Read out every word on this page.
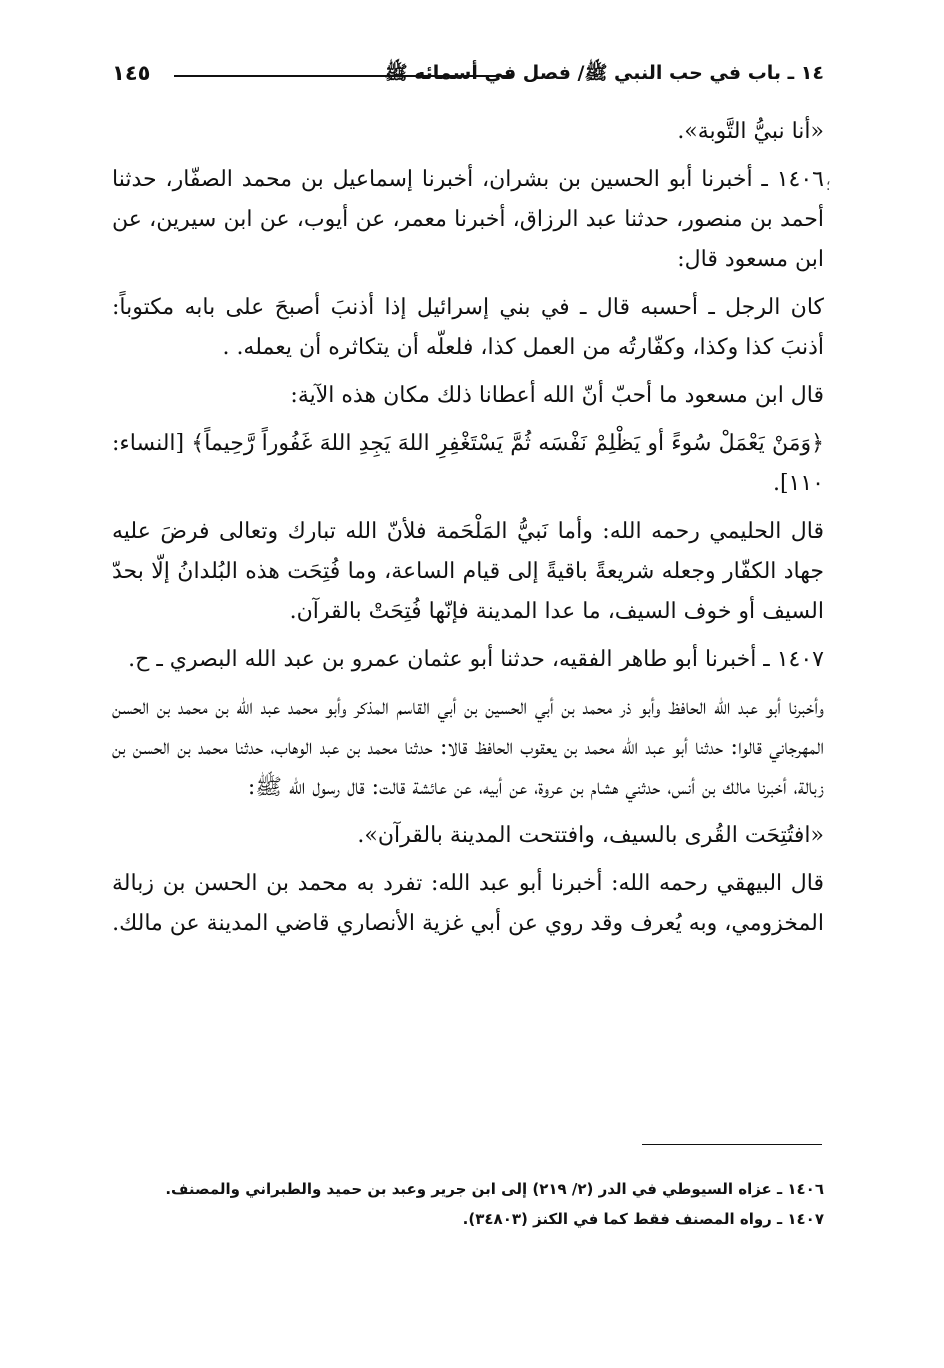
١٤ ـ باب في حب النبي ﷺ/ فصل في أسمائه ﷺ
١٤٥
؛

«أنا نبيُّ التَّوبة».

١٤٠٦ ـ أخبرنا أبو الحسين بن بشران، أخبرنا إسماعيل بن محمد الصفّار، حدثنا أحمد بن منصور، حدثنا عبد الرزاق، أخبرنا معمر، عن أيوب، عن ابن سيرين، عن ابن مسعود قال:

كان الرجل ـ أحسبه قال ـ في بني إسرائيل إذا أذنبَ أصبحَ على بابه مكتوباً: أذنبَ كذا وكذا، وكفّارتُه من العمل كذا، فلعلّه أن يتكاثره أن يعمله. .

قال ابن مسعود ما أحبّ أنّ الله أعطانا ذلك مكان هذه الآية:

﴿وَمَنْ يَعْمَلْ سُوءً أو يَظْلِمْ نَفْسَه ثُمَّ يَسْتَغْفِرِ اللهَ يَجِدِ اللهَ غَفُوراً رَّحِيماً﴾ [النساء: ١١٠].

قال الحليمي رحمه الله: وأما نَبيُّ المَلْحَمة فلأنّ الله تبارك وتعالى فرضَ عليه جهاد الكفّار وجعله شريعةً باقيةً إلى قيام الساعة، وما فُتِحَت هذه البُلدانُ إلّا بحدّ السيف أو خوف السيف، ما عدا المدينة فإنّها فُتِحَتْ بالقرآن.

١٤٠٧ ـ أخبرنا أبو طاهر الفقيه، حدثنا أبو عثمان عمرو بن عبد الله البصري ـ ح.

وأخبرنا أبو عبد الله الحافظ وأبو ذر محمد بن أبي الحسين بن أبي القاسم المذكر وأبو محمد عبد الله بن محمد بن الحسن المهرجاني قالوا: حدثنا أبو عبد الله محمد بن يعقوب الحافظ قالا: حدثنا محمد بن عبد الوهاب، حدثنا محمد بن الحسن بن زبالة، أخبرنا مالك بن أنس، حدثني هشام بن عروة، عن أبيه، عن عائشة قالت: قال رسول الله ﷺ:

«افتُتِحَت القُرى بالسيف، وافتتحت المدينة بالقرآن».

قال البيهقي رحمه الله: أخبرنا أبو عبد الله: تفرد به محمد بن الحسن بن زبالة المخزومي، وبه يُعرف وقد روي عن أبي غزية الأنصاري قاضي المدينة عن مالك.

١٤٠٦ ـ عزاه السيوطي في الدر (٢/ ٢١٩) إلى ابن جرير وعبد بن حميد والطبراني والمصنف.

١٤٠٧ ـ رواه المصنف فقط كما في الكنز (٣٤٨٠٣).
